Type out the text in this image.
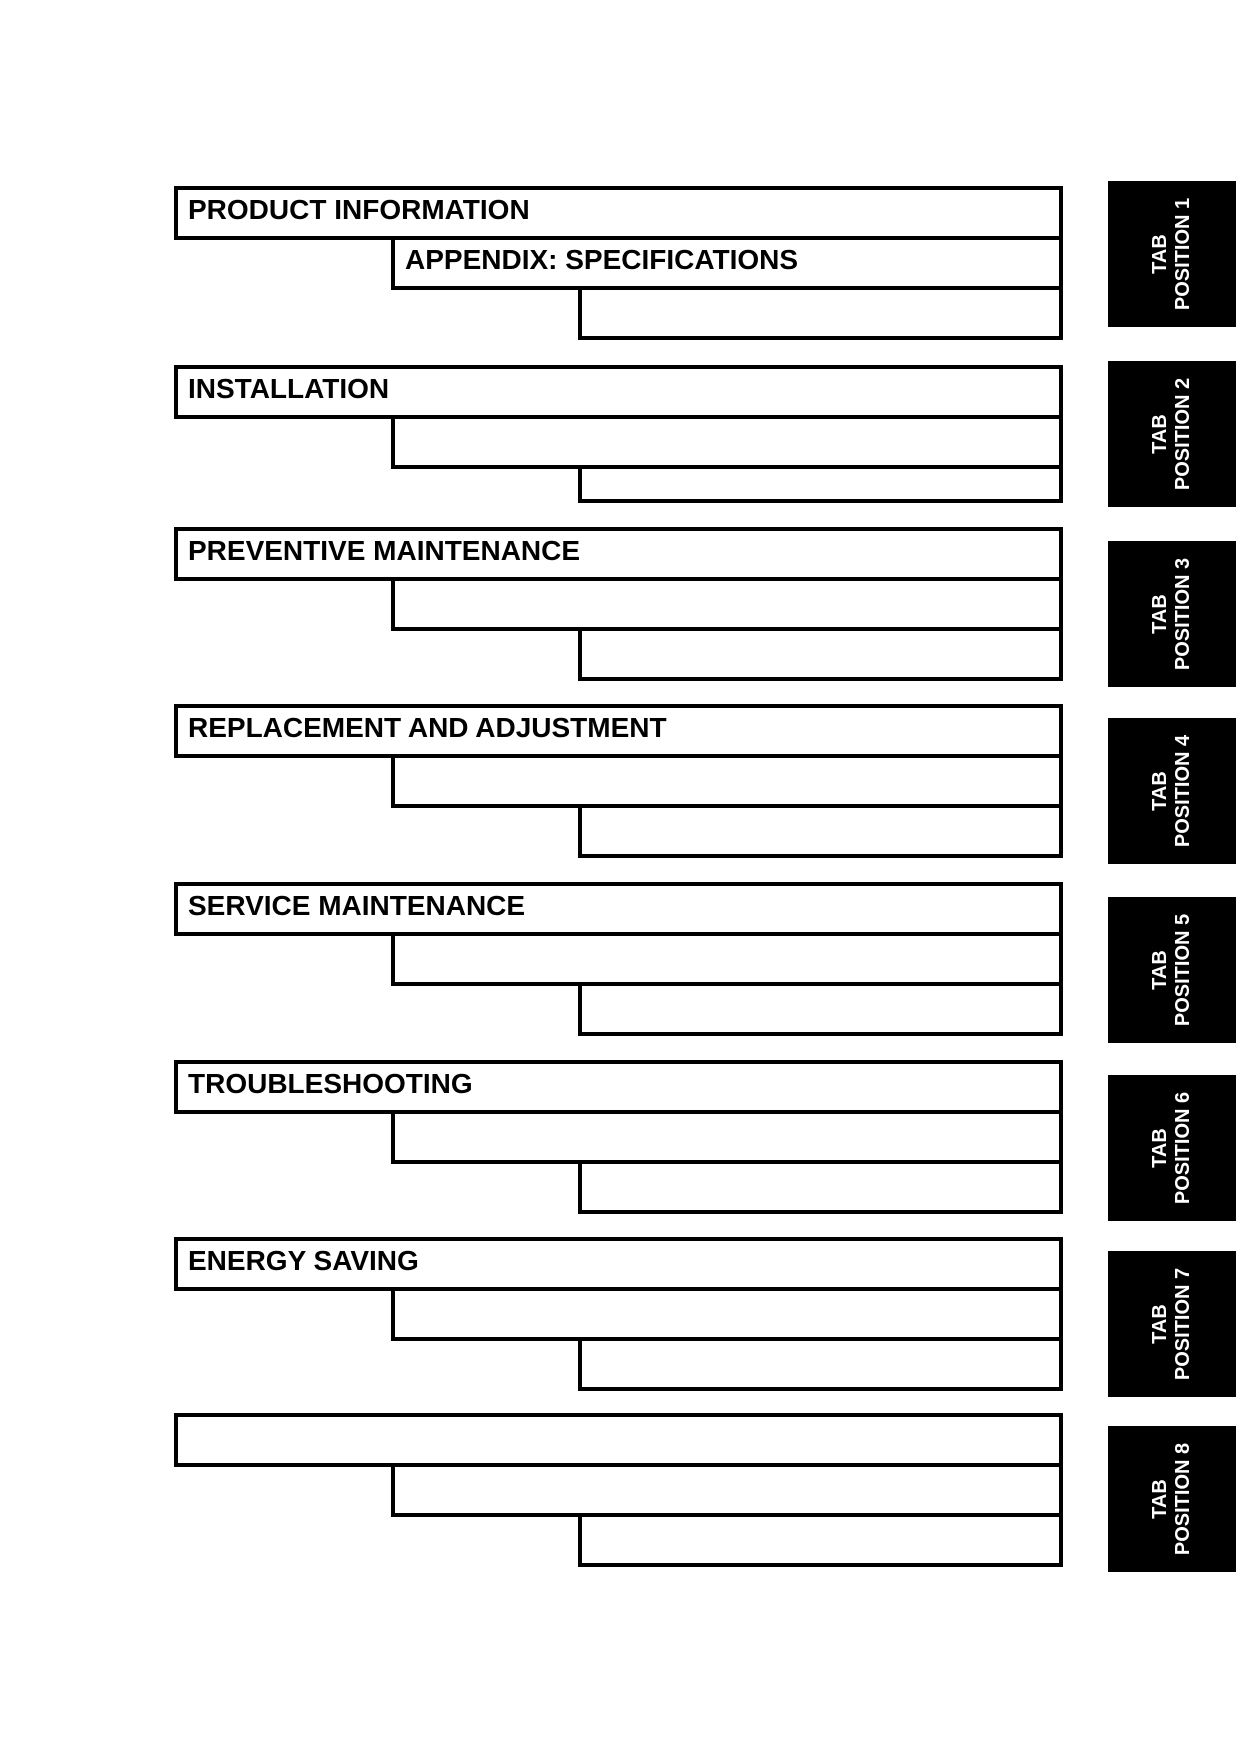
PRODUCT INFORMATION
APPENDIX: SPECIFICATIONS
INSTALLATION
PREVENTIVE MAINTENANCE
REPLACEMENT AND ADJUSTMENT
SERVICE MAINTENANCE
TROUBLESHOOTING
ENERGY SAVING
TAB POSITION 1
TAB POSITION 2
TAB POSITION 3
TAB POSITION 4
TAB POSITION 5
TAB POSITION 6
TAB POSITION 7
TAB POSITION 8
